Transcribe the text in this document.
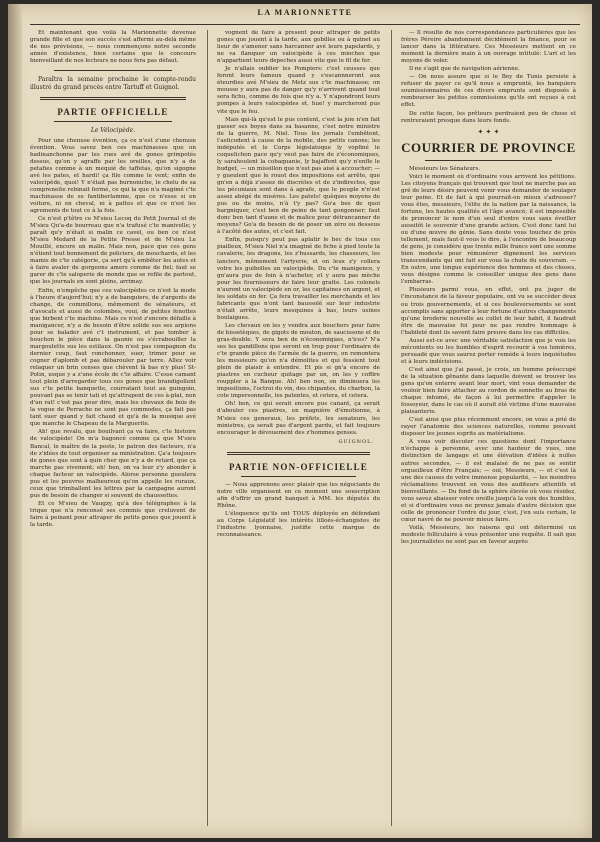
LA MARIONNETTE

Et maintenant que voilà la Marionnette devenue grande fille et que son succès s'est affermi au-delà même de nos prévisions, — nous commençons notre seconde année d'existence, bien certains que le concours bienveillant de nos lecteurs ne nous fera pas défaut.

Paraîtra la semaine prochaine le compte-rendu illustré du grand procès entre Tartuff et Guignol.

PARTIE OFFICIELLE
Le Vélocipède.

Pour une chenuse évention, ça ce n'est z'une chenuse évention. Vous savez ben ces machinasses que on badinanchonne par les rues avé de gones grimpotés dessus, qu'on y agraffe par les oreilles, que n'y a de petafies comme à un mequié de taffetas, qu'on sigogne avé les pates, et hardi! ça file comme le vent; enfin de valocipède, quoi! Y n'était pas burnoniche, le chelu de sa compreneite rebinait fermé, ce qui la que n'a magimé c'te machinasse de se fantiberlamme, que ce n'esse si en voiture, ni en cheval, ni à pattes et que ce n'est les agrements de tout ce à la fois.

Ce n'est p'têtre ce M'sieu Lecoq du Petit Journal et de M'sieu Qu'a-de bourreau que n'a trafusé c'te manivelle; y paraît qu'y n'était si malin ce cavel, ou ben ce n'est M'sieu Medard de la Petite Presse et de M'sieu Le Mouillé, encore un malin. Mais non, pace que ces gens n'étient tout bonnement de policiers, de mouchards, et les mamis de c'te catégorie, ça sert qu'à embêter les autes et à faire avaler de gorgeons amers comme de fiel; faut se garer de c'te saloperie de monde que se refile de partout, que les journals en sont pleins, arrimay.

Enfin, n'empêche que ces valocipèdes ce n'est la mode à l'heure d'aujord'hui; n'y a de banquiers, de z'argents de change, de commillons, mêmement de sénateurs, et d'avocats et aussi de colombes, voui, de petites fenottes que birbent c'te machine. Mais ce n'est z'encore défaille à manigancer, n'y a de besoin d'être solide sus ses arpions pour se balader avé c't instrument, et pas tomber à bouchon le pièce dans la gaunie ou s'écrabouiller la margoulette sus les estilaux. On n'est pas compagnon du dernier coup, faut ronchonner, suer, trimer pour se cogner d'aplomb et pas débarouler par terre. Allez voir relaquer un brin censes que chèvent là bas n'y plus! St-Potin, usque y a z'une école de c'te affaire. C'esse camant tout plein d'arregarder tous ces gones que brandigollent sus c'te petite banquette, courratant tout au guingoin, pouvant pas se tenir tati et qu'attrapent de ces à-plat, non d'un rat! c'est pas pour dire, mais les chevaux de bois de la vogue de Perrache ne sont pas commodes, ça fait pas tant suer quand y fait chaud et qu'à de la musique avé que manche le Chapeau de la Marguerite.

Ah! que revalu, que bouilvant ça va faire, c'le histoire de valocipède! On m'a bagoncé comme ça que M'sieu Bancal, le maître de la poste, le patron des facteurs, n'a de z'idées de tout organiser sa ministration. Ça'a toujours de gones que sont à quin cher que n'y a de retard, que ça marche pas vivement; eh! ben, on va leur z'y abonder à chaque facteur un valocipède. Alorse personne gueulera pus et les pouvres malheureux qu'on appelle les ruraux, ceux que trimballent les lettres par la campagne auront pus de besoin de changer si souvent de chaussettes.

Et ce M'sieu de Vaugzy, qu'à des télégraphes à la trique que n'a renconsé ses commis que creluvent de faire à peinant pour attraper de petits gones que jouent à la tarde.

vognent de faire à present pour attraper de petits gones que jouent à la tarde, aux gobilles ou à quinet au lieur de s'amener sans barcanner avé leurs papelards, y ne va flanquer un valocipède à ces mioches que n'appartient leurs depeches aussi vite que le fil de fer.

Je n'allais oublier les Pompiers: c'est ceusses que feront leurs fameux quand y s'escannneront aux éteurdies avé M'sieu de Metz sus c'te machinasse; on mousse y aura pas de danger qu'y n'arrivent quand tout sera fichu, comme de fois que n'y a. Y n'apondront leurs pompes à leurs valocipèdes et, hue! y marcheront pus vite que le feu.

Mais qui-là qu'est le pus content, c'est la joie n'en fait gasser ses boyes dans sa basanne, c'est notre ministre de la guerre, M. Niel. Tous les jornals l'embêtent, l'asticodent à cause de la mobile, des petits canons; les indéputés et le Corps législatoque ly vopfiné le coquelichon pace qu'y veut pas faire de z'économiques, ly sarahoulent la cobaquanie, ly bajaffent qu'y n'enfle le budget, — un missillon que n'est pas aisé à accoucher; — y gueulent que le rouot des impositions est arrête, que gn'en a déjà z'assez de discrètes et de z'indirectes, que les pécuniaux sont dans à agrafe, que le peuple n'n'est assez abégé de misères. Les patets! quèques moyens de pus ou de moins, n'à t'y pas? Go'a bes de quoi bargniquer, c'est ben de peine de tant gongonner; faut donc ben tant d'aune et de malice pour détrancanner de moyens? Go'a de besoin de de poser un zéro ou desseus à l'acôté des autes, et c'est fait.

Enfin, puisqu'y peut pas aplatir le bec de tous ces piailleux, M'sieu Niel n'a imaginé de fiche à pied toute la cavalerie, les dragons, les z'hussards, les chasseurs, les lanciers, mêmement l'artyerie, et on leux z'y collera votre les guibolles un valocipède. Du c'te manigence, y gn'aura pus de foin à n'acheter, et y aura pas mèche pour les fournisseurs de faire leur gratte. Les colonels n'auront un valocipède en or, les capitaines en argent, et les soldats en fer. Ça fera travailler les merchands et les fabricants que n'ont tant baussolé sur leur industrie n'était arrête, leurs mesquines à bas, leurs usines boulaigues.

Les chevaux on les y vendra aux bouchers pour faire de bissetèques, de gigots de mouton, de saucissons et de gras-double. Y sera ben de n'économiques, n'ices? N'a ses les gandillons que seront en trop pour l'ordinaire de c'te grande pièce de l'armée de la guerre, on remontera les messieurs qu'on n'a démolites et qui fessient tout plein de plaisir à entendre. Et pis si gn'a encore de piastres en cucheur quitage par un, on les y coffire rouppler à la Banque. Ah! ben non, on diminuera les impositions, l'octroi du vin, des chipantes, du charbon, la cote impersonnelle, les patentes, et cetera, et cetera.

Oh! ben, ce qui serait encore pus canant, ça serait d'abouler ces piastres, en magnière d'émotionne, à M'sieu ces generaux, les préfets, les senateurs, les ministres, ça serait pas d'argent pardu, et fait toujours encourager le dévouement des z'hommes genses.

GUIGNOL.
PARTIE NON-OFFICIELLE

— Nous apprenons avec plaisir que les négociants de notre ville organisent en ce moment une souscription afin d'offrir un grand banquet à MM. les députés du Rhône.

L'éloquence qu'ils ont TOUS déployée en défendant au Corps Législatif les intérêts lilloés-échangistes de l'industrie lyonnaise, justifie cette marque de reconnaissance.

— Il résulte de nos correspondances particulières que les frères Péreire abandonnent décidément la finance, pour se lancer dans la littérature. Ces Messieurs mettent en ce moment la dernière main à un ouvrage intitulé: L'art et les moyens de voler.

Il ne s'agit que de navigation aérienne.

— On nous assure que si le Bey de Tunis persiste à refuser de payer ce qu'il nous a emprunté, les banquiers soumissionnaires de ces divers emprunts sont disposés à rembourser les petites commissions qu'ils ont reçues à cet effet.

De cette façon, les prêteurs perdraient peu de chose et rentreraient presque dans leurs fonds.

✦ ✦ ✦
COURRIER DE PROVINCE

Messieurs les Sénateurs.

Voici le moment où d'ordinaire vous arrivent les pétitions. Les citoyens français qui trouvent que tout ne marche pas au gré de leurs désirs peuvent venir vous demander de soulager leur peine. Et de fait à qui pourrait-on mieux s'adresser? vous êtes, messieurs, l'élite de la nation par la naissance, la fortune, les hautes qualités et l'âge avancé; il est impossible de prononcer le nom d'un seul d'entre vous sans éveiller aussitôt le souvenir d'une grande action. C'est donc tant lui ou d'une œuvre de génie. Sans doute vous touchez de près tellement, mais faut-il vous le dire, à l'encontre de beaucoup de gens, je considère que trente mille francs sont une somme bien modeste pour rémunérer dignement les services transcendants qui ont fait sur vous la chute du souverain. — En outre, une longue expérience des hommes et des choses, vous désigne comme le conseiller unique des gens dans l'embarras.

Plusieurs parmi vous, en effet, ont pu juger de l'inconstance de la faveur populaire, ont vu se succéder deux ou trois gouvernements, et si ces bouleversements se sont accomplis sans apporter à leur fortune d'autres changements qu'une broderie nouvelle au collet de leur habit, il faudrait être de mauvaise foi pour ne pas rendre hommage à l'habileté dont ils savent faire preuve dans les cas difficiles.

Aussi est-ce avec une véritable satisfaction que je vois les mécontents ou les humbles d'esprit recourir à vos lumières, persuadé que vous saurez porter remède à leurs inquiétudes et à leurs indécisions.

C'est ainsi que j'ai passé, je crois, un homme préoccupé de la situation gênante dans laquelle doivent se trouver les gens qu'on enterre avant leur mort, vint vous demander de vouloir bien faire attacher au cordon de sonnette au bras de chaque inhumé, de façon à lui permettre d'appeler le fossoyeur, dans le cas où il aurait été victime d'une mauvaise plaisanterie.

C'est ainsi que plus récemment encore, on vous a prié de rayer l'anatomie des sciences naturelles, comme pouvant disposer les jeunes esprits au matérialisme.

A vous voir discuter ces questions dont l'importance n'échappe à personne, avec une hauteur de vues, une distinction de langage et une élévation d'idées à nulles autres secondes, — il est malaisé de ne pas se sentir orgueilleux d'être Français; — oui, Messieurs, — et c'est là une des causes de votre immense popularité, — les moindres réclamations trouvent en vous des auditeurs attentifs et bienveillants. — Du fond de la sphère élevée où vous résidez, vous savez abaisser votre oreille jusqu'à la voix des humbles, et si d'ordinaire vous ne prenez jamais d'autre décision que celle de prononcer l'ordre du jour, c'est, j'en suis certain, le cœur navré de ne pouvoir mieux faire.

Voilà, Messieurs, les raisons qui ont déterminé un modeste folliculaire à vous présenter une requête. Il sait que les journalistes ne sont pas en faveur auprès
